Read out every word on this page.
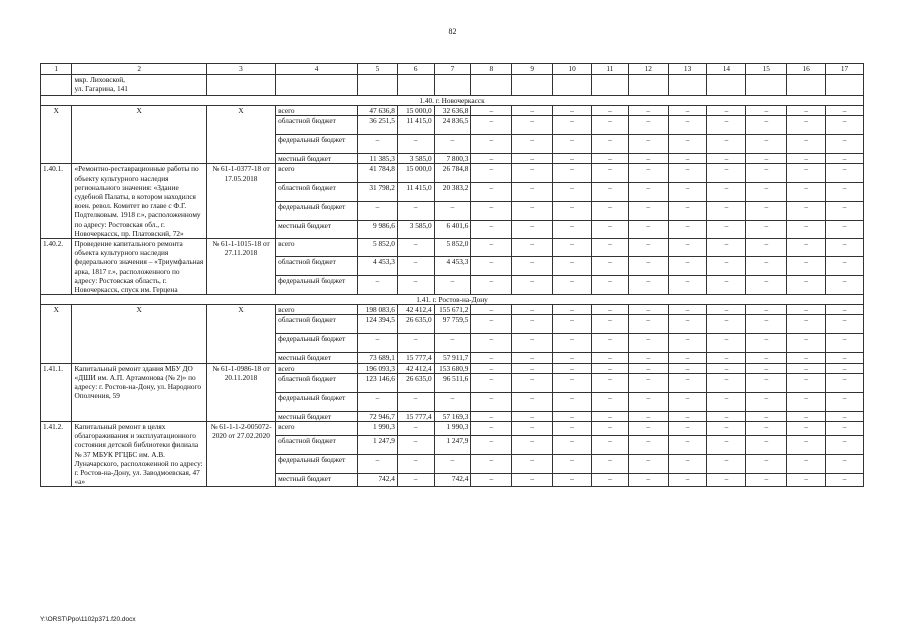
82
1	2	3	4	5	6	7	8	9	10	11	12	13	14	15	16	17
	мкр. Лиховской,
ул. Гагарина, 141															
1.40. г. Новочеркасск																
Х	Х	Х	всего	47 636,8	15 000,0	32 636,8	–	–	–	–	–	–	–	–	–	–
			областной бюджет	36 251,5	11 415,0	24 836,5	–	–	–	–	–	–	–	–	–	–
			федеральный бюджет	–	–	–	–	–	–	–	–	–	–	–	–	–
			местный бюджет	11 385,3	3 585,0	7 800,3	–	–	–	–	–	–	–	–	–	–
1.40.1.	«Ремонтно-реставрационные работы по объекту культурного наследия регионального значения: «Здание судебной Палаты, в котором находился воен. револ. Комитет во главе с Ф.Г. Подтелковым. 1918 г.», расположенному по адресу: Ростовская обл., г. Новочеркасск, пр. Платовский, 72»	№ 61-1-0377-18 от 17.05.2018	всего	41 784,8	15 000,0	26 784,8	–	–	–	–	–	–	–	–	–	–
			областной бюджет	31 798,2	11 415,0	20 383,2	–	–	–	–	–	–	–	–	–	–
			федеральный бюджет	–	–	–	–	–	–	–	–	–	–	–	–	–
			местный бюджет	9 986,6	3 585,0	6 401,6	–	–	–	–	–	–	–	–	–	–
1.40.2.	Проведение капитального ремонта объекта культурного наследия федерального значения – «Триумфальная арка, 1817 г.», расположенного по адресу: Ростовская область, г. Новочеркасск, спуск им. Герцена	№ 61-1-1015-18 от 27.11.2018	всего	5 852,0	–	5 852,0	–	–	–	–	–	–	–	–	–	–
			областной бюджет	4 453,3	–	4 453,3	–	–	–	–	–	–	–	–	–	–
			федеральный бюджет	–	–	–	–	–	–	–	–	–	–	–	–	–
1.41. г. Ростов-на-Дону																
Х	Х	Х	всего	198 083,6	42 412,4	155 671,2	–	–	–	–	–	–	–	–	–	–
			областной бюджет	124 394,5	26 635,0	97 759,5	–	–	–	–	–	–	–	–	–	–
			федеральный бюджет	–	–	–	–	–	–	–	–	–	–	–	–	–
			местный бюджет	73 689,1	15 777,4	57 911,7	–	–	–	–	–	–	–	–	–	–
1.41.1.	Капитальный ремонт здания МБУ ДО «ДШИ им. А.П. Артамонова (№ 2)» по адресу: г. Ростов-на-Дону, ул. Народного Ополчения, 59	№ 61-1-0986-18 от 20.11.2018	всего	196 093,3	42 412,4	153 680,9	–	–	–	–	–	–	–	–	–	–
			областной бюджет	123 146,6	26 635,0	96 511,6	–	–	–	–	–	–	–	–	–	–
			федеральный бюджет	–	–	–	–	–	–	–	–	–	–	–	–	–
			местный бюджет	72 946,7	15 777,4	57 169,3	–	–	–	–	–	–	–	–	–	–
1.41.2.	Капитальный ремонт в целях облагораживания и эксплуатационного состояния детской библиотеки филиала № 37 МБУК РГЦБС им. А.В. Луначарского, расположенной по адресу: г. Ростов-на-Дону, ул. Заводмоевская, 47 «а»	№ 61-1-1-2-005072-2020 от 27.02.2020	всего	1 990,3	–	1 990,3	–	–	–	–	–	–	–	–	–	–
			областной бюджет	1 247,9	–	1 247,9	–	–	–	–	–	–	–	–	–	–
			федеральный бюджет	–	–	–	–	–	–	–	–	–	–	–	–	–
			местный бюджет	742,4	–	742,4	–	–	–	–	–	–	–	–	–	–
Y:\ORST\Ppo\1102p371.f20.docx
